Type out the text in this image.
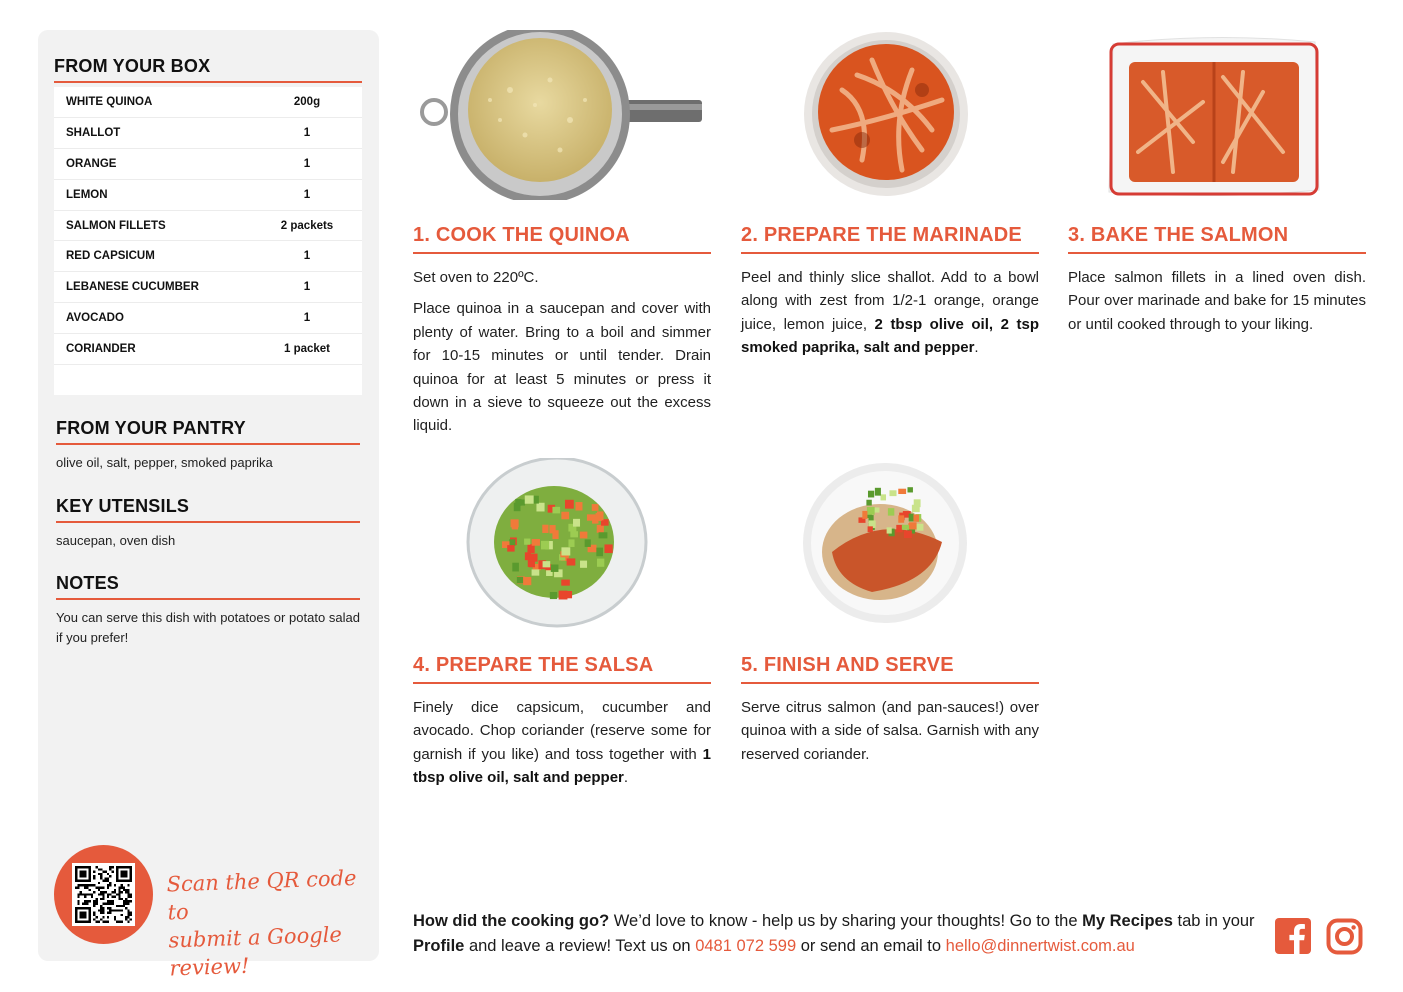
FROM YOUR BOX
WHITE QUINOA	200g
SHALLOT	1
ORANGE	1
LEMON	1
SALMON FILLETS	2 packets
RED CAPSICUM	1
LEBANESE CUCUMBER	1
AVOCADO	1
CORIANDER	1 packet
FROM YOUR PANTRY
olive oil, salt, pepper, smoked paprika
KEY UTENSILS
saucepan, oven dish
NOTES
You can serve this dish with potatoes or potato salad if you prefer!
Scan the QR code to
submit a Google review!
1. COOK THE QUINOA

Set oven to 220ºC.

Place quinoa in a saucepan and cover with plenty of water. Bring to a boil and simmer for 10-15 minutes or until tender. Drain quinoa for at least 5 minutes or press it down in a sieve to squeeze out the excess liquid.

2. PREPARE THE MARINADE

Peel and thinly slice shallot. Add to a bowl along with zest from 1/2-1 orange, orange juice, lemon juice, 2 tbsp olive oil, 2 tsp smoked paprika, salt and pepper.

3. BAKE THE SALMON

Place salmon fillets in a lined oven dish. Pour over marinade and bake for 15 minutes or until cooked through to your liking.

4. PREPARE THE SALSA

Finely dice capsicum, cucumber and avocado. Chop coriander (reserve some for garnish if you like) and toss together with 1 tbsp olive oil, salt and pepper.

5. FINISH AND SERVE

Serve citrus salmon (and pan-sauces!) over quinoa with a side of salsa. Garnish with any reserved coriander.

How did the cooking go? We’d love to know - help us by sharing your thoughts! Go to the My Recipes tab in your Profile and leave a review! Text us on 0481 072 599 or send an email to hello@dinnertwist.com.au
